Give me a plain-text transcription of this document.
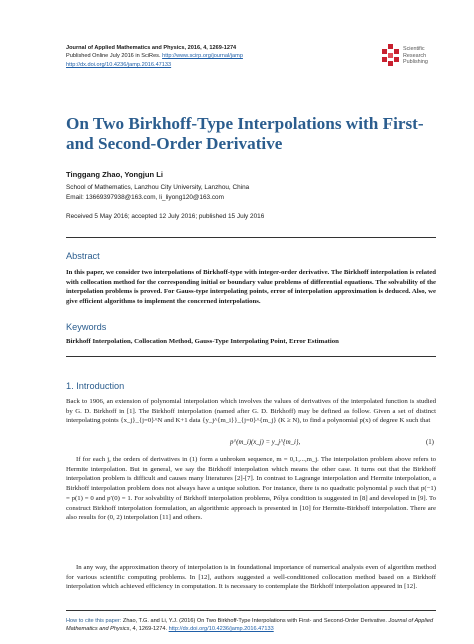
Journal of Applied Mathematics and Physics, 2016, 4, 1269-1274
Published Online July 2016 in SciRes. http://www.scirp.org/journal/jamp
http://dx.doi.org/10.4236/jamp.2016.47133
Scientific
Research
Publishing
On Two Birkhoff-Type Interpolations with First- and Second-Order Derivative
Tinggang Zhao, Yongjun Li
School of Mathematics, Lanzhou City University, Lanzhou, China
Email: 13669397938@163.com, li_liyong120@163.com
Received 5 May 2016; accepted 12 July 2016; published 15 July 2016
Abstract
In this paper, we consider two interpolations of Birkhoff-type with integer-order derivative. The Birkhoff interpolation is related with collocation method for the corresponding initial or boundary value problems of differential equations. The solvability of the interpolation problems is proved. For Gauss-type interpolating points, error of interpolation approximation is deduced. Also, we give efficient algorithms to implement the concerned interpolations.
Keywords
Birkhoff Interpolation, Collocation Method, Gauss-Type Interpolating Point, Error Estimation
1. Introduction

Back to 1906, an extension of polynomial interpolation which involves the values of derivatives of the interpolated function is studied by G. D. Birkhoff in [1]. The Birkhoff interpolation (named after G. D. Birkhoff) may be defined as follow. Given a set of distinct interpolating points {x_j}_{j=0}^N and K+1 data {y_j^{m_i}}_{j=0}^{m_j} (K ≥ N), to find a polynomial p(x) of degree K such that

p^(m_i)(x_j) = y_j^{m_i},	(1)

If for each j, the orders of derivatives in (1) form a unbroken sequence, m = 0,1,...,m_j. The interpolation problem above refers to Hermite interpolation. But in general, we say the Birkhoff interpolation which means the other case. It turns out that the Birkhoff interpolation problem is difficult and causes many literatures [2]-[7]. In contrast to Lagrange interpolation and Hermite interpolation, a Birkhoff interpolation problem does not always have a unique solution. For instance, there is no quadratic polynomial p such that p(−1) = p(1) = 0 and p′(0) = 1. For solvability of Birkhoff interpolation problems, Pólya condition is suggested in [8] and developed in [9]. To construct Birkhoff interpolation formulation, an algorithmic approach is presented in [10] for Hermite-Birkhoff interpolation. There are also results for (0, 2) interpolation [11] and others.

In any way, the approximation theory of interpolation is in foundational importance of numerical analysis even of algorithm method for various scientific computing problems. In [12], authors suggested a well-conditioned collocation method based on a Birkhoff interpolation which achieved efficiency in computation. It is necessary to contemplate the Birkhoff interpolation appeared in [12].

How to cite this paper: Zhao, T.G. and Li, Y.J. (2016) On Two Birkhoff-Type Interpolations with First- and Second-Order Derivative. Journal of Applied Mathematics and Physics, 4, 1269-1274. http://dx.doi.org/10.4236/jamp.2016.47133
